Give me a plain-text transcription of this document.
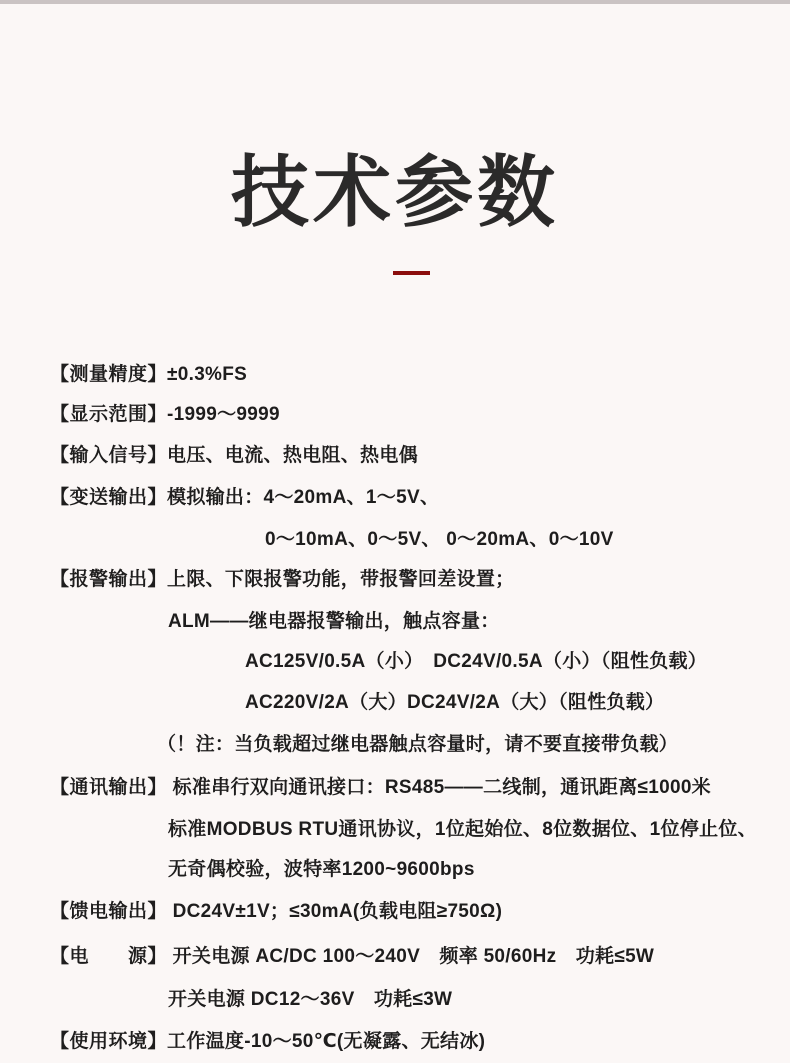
技术参数
【测量精度】±0.3%FS
【显示范围】-1999～9999
【输入信号】电压、电流、热电阻、热电偶
【变送输出】模拟输出：4～20mA、1～5V、
0～10mA、0～5V、 0～20mA、0～10V
【报警输出】上限、下限报警功能，带报警回差设置；
ALM——继电器报警输出，触点容量：
AC125V/0.5A（小）　DC24V/0.5A（小）（阻性负载）
AC220V/2A（大）DC24V/2A（大）（阻性负载）
（！注：当负载超过继电器触点容量时，请不要直接带负载）
【通讯输出】 标准串行双向通讯接口：RS485——二线制，通讯距离≤1000米
标准MODBUS RTU通讯协议，1位起始位、8位数据位、1位停止位、
无奇偶校验，波特率1200~9600bps
【馈电输出】 DC24V±1V；≤30mA(负载电阻≥750Ω)
【电　　源】 开关电源 AC/DC 100～240V　频率 50/60Hz　功耗≤5W
开关电源 DC12～36V　功耗≤3W
【使用环境】工作温度-10～50℃(无凝露、无结冰)
